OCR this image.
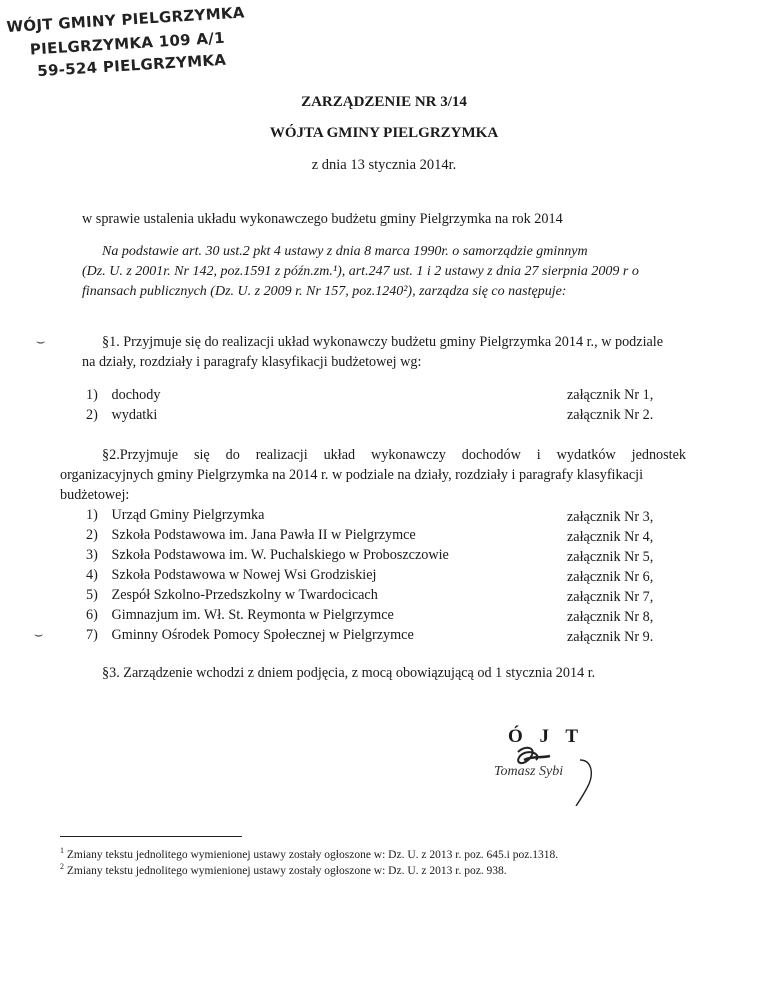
WÓJT GMINY PIELGRZYMKA
PIELGRZYMKA 109 A/1
59-524 PIELGRZYMKA
ZARZĄDZENIE NR 3/14
WÓJTA GMINY PIELGRZYMKA
z dnia 13 stycznia 2014r.
w sprawie ustalenia układu wykonawczego budżetu gminy Pielgrzymka na rok 2014
Na podstawie art. 30 ust.2 pkt 4 ustawy z dnia 8 marca 1990r. o samorządzie gminnym
(Dz. U. z 2001r. Nr 142, poz.1591 z późn.zm.¹), art.247 ust. 1 i 2 ustawy z dnia 27 sierpnia 2009 r o
finansach publicznych (Dz. U. z 2009 r. Nr 157, poz.1240²), zarządza się co następuje:
⌣	§1. Przyjmuje się do realizacji układ wykonawczy budżetu gminy Pielgrzymka 2014 r., w podziale
na działy, rozdziały i paragrafy klasyfikacji budżetowej wg:
1) dochody	załącznik Nr 1,
2) wydatki	załącznik Nr 2.
§2.Przyjmuje się do realizacji układ wykonawczy dochodów i wydatków jednostek
organizacyjnych gminy Pielgrzymka na 2014 r. w podziale na działy, rozdziały i paragrafy klasyfikacji
budżetowej:
1) Urząd Gminy Pielgrzymka	załącznik Nr 3,
2) Szkoła Podstawowa im. Jana Pawła II w Pielgrzymce	załącznik Nr 4,
3) Szkoła Podstawowa im. W. Puchalskiego w Proboszczowie	załącznik Nr 5,
4) Szkoła Podstawowa w Nowej Wsi Grodziskiej	załącznik Nr 6,
5) Zespół Szkolno-Przedszkolny w Twardocicach	załącznik Nr 7,
6) Gimnazjum im. Wł. St. Reymonta w Pielgrzymce	załącznik Nr 8,
7) Gminny Ośrodek Pomocy Społecznej w Pielgrzymce	załącznik Nr 9.
⌣
§3. Zarządzenie wchodzi z dniem podjęcia, z mocą obowiązującą od 1 stycznia 2014 r.
Ó J T
Tomasz Sybi
$^1$ Zmiany tekstu jednolitego wymienionej ustawy zostały ogłoszone w: Dz. U. z 2013 r. poz. 645.i poz.1318.
$^2$ Zmiany tekstu jednolitego wymienionej ustawy zostały ogłoszone w: Dz. U. z 2013 r. poz. 938.
